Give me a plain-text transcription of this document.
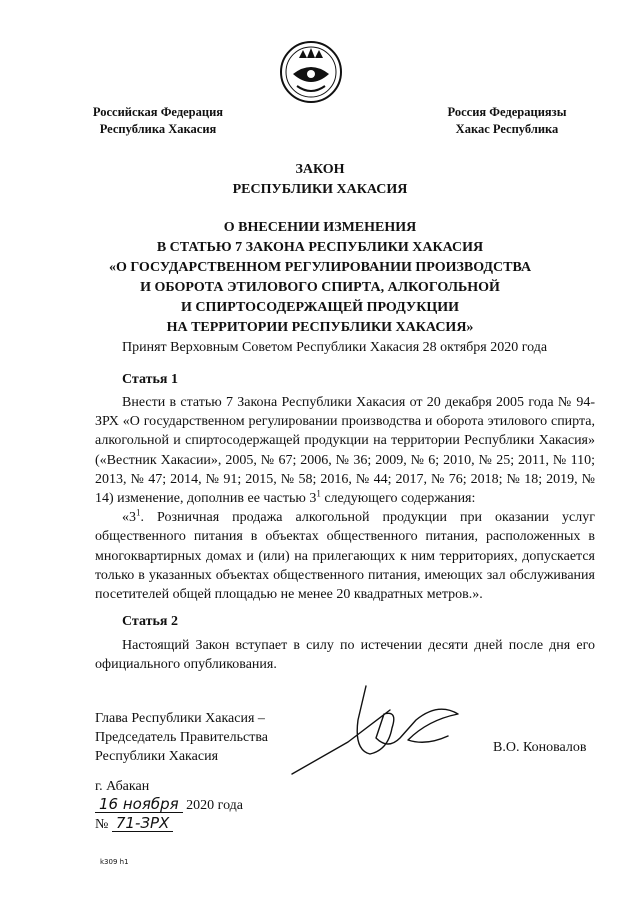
Российская Федерация
Республика Хакасия
Россия Федерациязы
Хакас Республика
ЗАКОН
РЕСПУБЛИКИ ХАКАСИЯ
О ВНЕСЕНИИ ИЗМЕНЕНИЯ
В СТАТЬЮ 7 ЗАКОНА РЕСПУБЛИКИ ХАКАСИЯ
«О ГОСУДАРСТВЕННОМ РЕГУЛИРОВАНИИ ПРОИЗВОДСТВА
И ОБОРОТА ЭТИЛОВОГО СПИРТА, АЛКОГОЛЬНОЙ
И СПИРТОСОДЕРЖАЩЕЙ ПРОДУКЦИИ
НА ТЕРРИТОРИИ РЕСПУБЛИКИ ХАКАСИЯ»
Принят Верховным Советом Республики Хакасия 28 октября 2020 года
Статья 1

Внести в статью 7 Закона Республики Хакасия от 20 декабря 2005 года № 94-ЗРХ «О государственном регулировании производства и оборота этилового спирта, алкогольной и спиртосодержащей продукции на территории Республики Хакасия» («Вестник Хакасии», 2005, № 67; 2006, № 36; 2009, № 6; 2010, № 25; 2011, № 110; 2013, № 47; 2014, № 91; 2015, № 58; 2016, № 44; 2017, № 76; 2018; № 18; 2019, № 14) изменение, дополнив ее частью $3^1$ следующего содержания:

«$3^1$. Розничная продажа алкогольной продукции при оказании услуг общественного питания в объектах общественного питания, расположенных в многоквартирных домах и (или) на прилегающих к ним территориях, допускается только в указанных объектах общественного питания, имеющих зал обслуживания посетителей общей площадью не менее 20 квадратных метров.».

Статья 2

Настоящий Закон вступает в силу по истечении десяти дней после дня его официального опубликования.

Глава Республики Хакасия –
Председатель Правительства
Республики Хакасия
В.О. Коновалов
г. Абакан
16 ноября 2020 года
№ 71-ЗРХ
k309 h1
